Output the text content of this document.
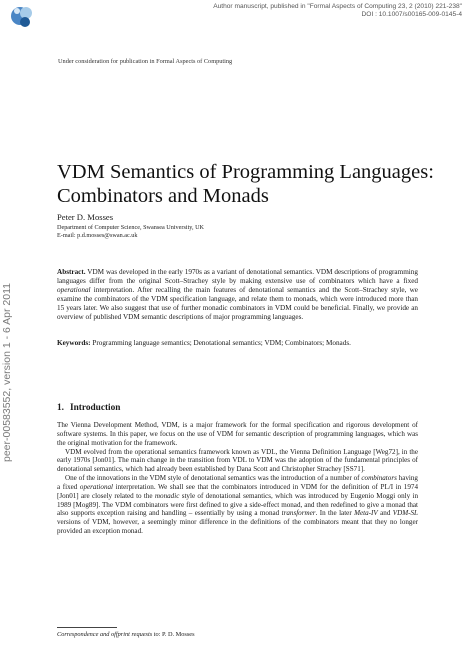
Author manuscript, published in "Formal Aspects of Computing 23, 2 (2010) 221-238"
DOI : 10.1007/s00165-009-0145-4
peer-00583552, version 1 - 6 Apr 2011
Under consideration for publication in Formal Aspects of Computing
VDM Semantics of Programming Languages: Combinators and Monads
Peter D. Mosses
Department of Computer Science, Swansea University, UK
E-mail: p.d.mosses@swan.ac.uk
Abstract. VDM was developed in the early 1970s as a variant of denotational semantics. VDM descriptions of programming languages differ from the original Scott–Strachey style by making extensive use of combinators which have a fixed operational interpretation. After recalling the main features of denotational semantics and the Scott–Strachey style, we examine the combinators of the VDM specification language, and relate them to monads, which were introduced more than 15 years later. We also suggest that use of further monadic combinators in VDM could be beneficial. Finally, we provide an overview of published VDM semantic descriptions of major programming languages.
Keywords: Programming language semantics; Denotational semantics; VDM; Combinators; Monads.
1. Introduction

The Vienna Development Method, VDM, is a major framework for the formal specification and rigorous development of software systems. In this paper, we focus on the use of VDM for semantic description of programming languages, which was the original motivation for the framework.

VDM evolved from the operational semantics framework known as VDL, the Vienna Definition Language [Weg72], in the early 1970s [Jon01]. The main change in the transition from VDL to VDM was the adoption of the fundamental principles of denotational semantics, which had already been established by Dana Scott and Christopher Strachey [SS71].

One of the innovations in the VDM style of denotational semantics was the introduction of a number of combinators having a fixed operational interpretation. We shall see that the combinators introduced in VDM for the definition of PL/I in 1974 [Jon01] are closely related to the monadic style of denotational semantics, which was introduced by Eugenio Moggi only in 1989 [Mog89]. The VDM combinators were first defined to give a side-effect monad, and then redefined to give a monad that also supports exception raising and handling – essentially by using a monad transformer. In the later Meta-IV and VDM-SL versions of VDM, however, a seemingly minor difference in the definitions of the combinators meant that they no longer provided an exception monad.

Correspondence and offprint requests to: P. D. Mosses
